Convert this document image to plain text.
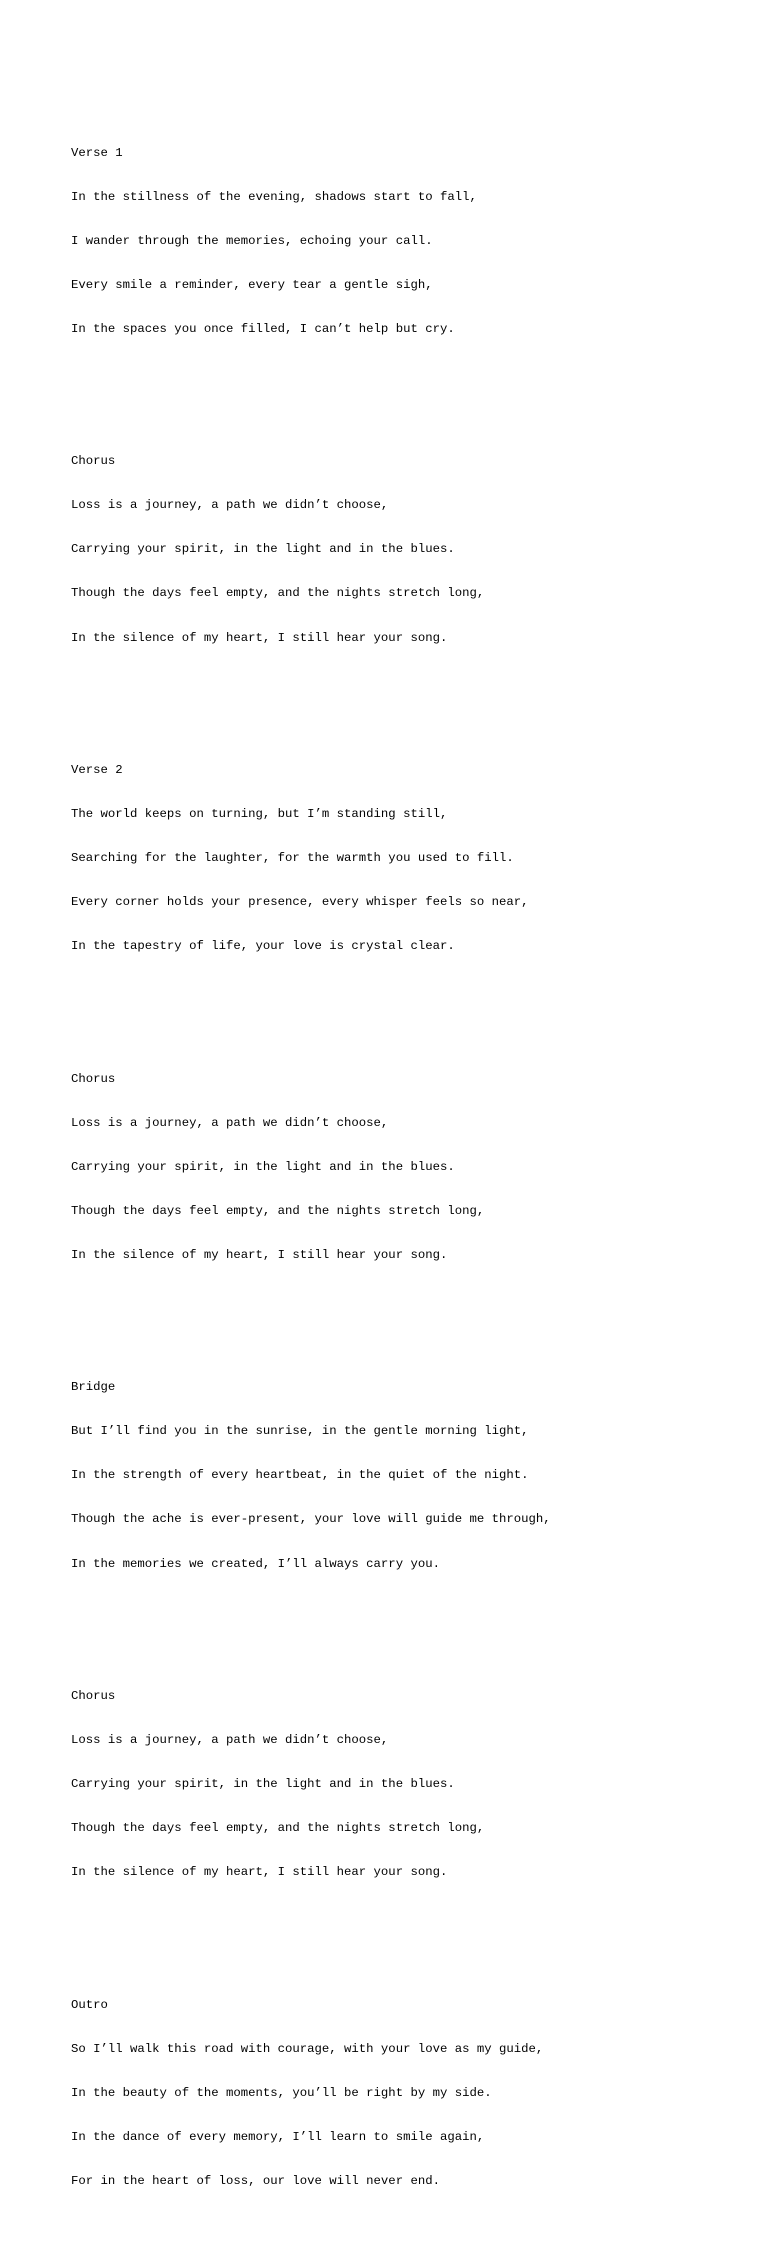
Verse 1

In the stillness of the evening, shadows start to fall,

I wander through the memories, echoing your call.

Every smile a reminder, every tear a gentle sigh,

In the spaces you once filled, I can’t help but cry.

Chorus

Loss is a journey, a path we didn’t choose,

Carrying your spirit, in the light and in the blues.

Though the days feel empty, and the nights stretch long,

In the silence of my heart, I still hear your song.

Verse 2

The world keeps on turning, but I’m standing still,

Searching for the laughter, for the warmth you used to fill.

Every corner holds your presence, every whisper feels so near,

In the tapestry of life, your love is crystal clear.

Chorus

Loss is a journey, a path we didn’t choose,

Carrying your spirit, in the light and in the blues.

Though the days feel empty, and the nights stretch long,

In the silence of my heart, I still hear your song.

Bridge

But I’ll find you in the sunrise, in the gentle morning light,

In the strength of every heartbeat, in the quiet of the night.

Though the ache is ever-present, your love will guide me through,

In the memories we created, I’ll always carry you.

Chorus

Loss is a journey, a path we didn’t choose,

Carrying your spirit, in the light and in the blues.

Though the days feel empty, and the nights stretch long,

In the silence of my heart, I still hear your song.

Outro

So I’ll walk this road with courage, with your love as my guide,

In the beauty of the moments, you’ll be right by my side.

In the dance of every memory, I’ll learn to smile again,

For in the heart of loss, our love will never end.
